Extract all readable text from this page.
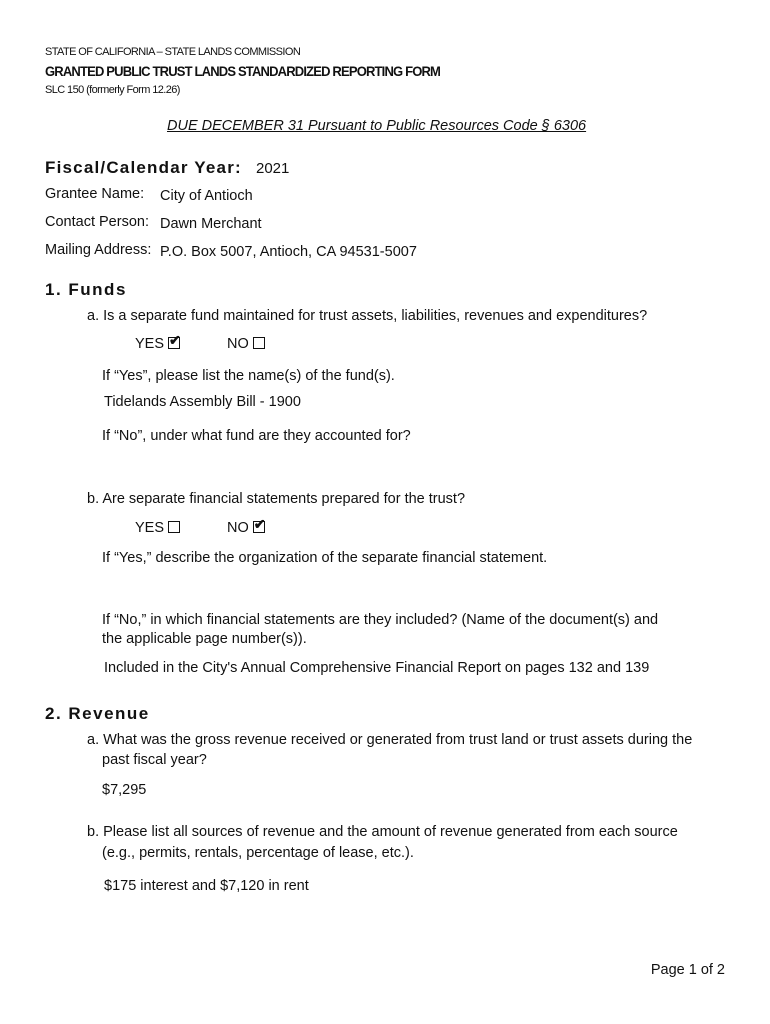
STATE OF CALIFORNIA – STATE LANDS COMMISSION
GRANTED PUBLIC TRUST LANDS STANDARDIZED REPORTING FORM
SLC 150 (formerly Form 12.26)
DUE DECEMBER 31 Pursuant to Public Resources Code § 6306
Fiscal/Calendar Year: 2021
Grantee Name: City of Antioch
Contact Person: Dawn Merchant
Mailing Address: P.O. Box 5007, Antioch, CA 94531-5007
1. Funds
a. Is a separate fund maintained for trust assets, liabilities, revenues and expenditures?
YES ✔	NO
If “Yes”, please list the name(s) of the fund(s).
Tidelands Assembly Bill - 1900
If “No”, under what fund are they accounted for?
b. Are separate financial statements prepared for the trust?
YES	NO ✔
If “Yes,” describe the organization of the separate financial statement.
If “No,” in which financial statements are they included? (Name of the document(s) and
the applicable page number(s)).
Included in the City's Annual Comprehensive Financial Report on pages 132 and 139
2. Revenue
a. What was the gross revenue received or generated from trust land or trust assets during the
past fiscal year?
$7,295
b. Please list all sources of revenue and the amount of revenue generated from each source
(e.g., permits, rentals, percentage of lease, etc.).
$175 interest and $7,120 in rent
Page 1 of 2
